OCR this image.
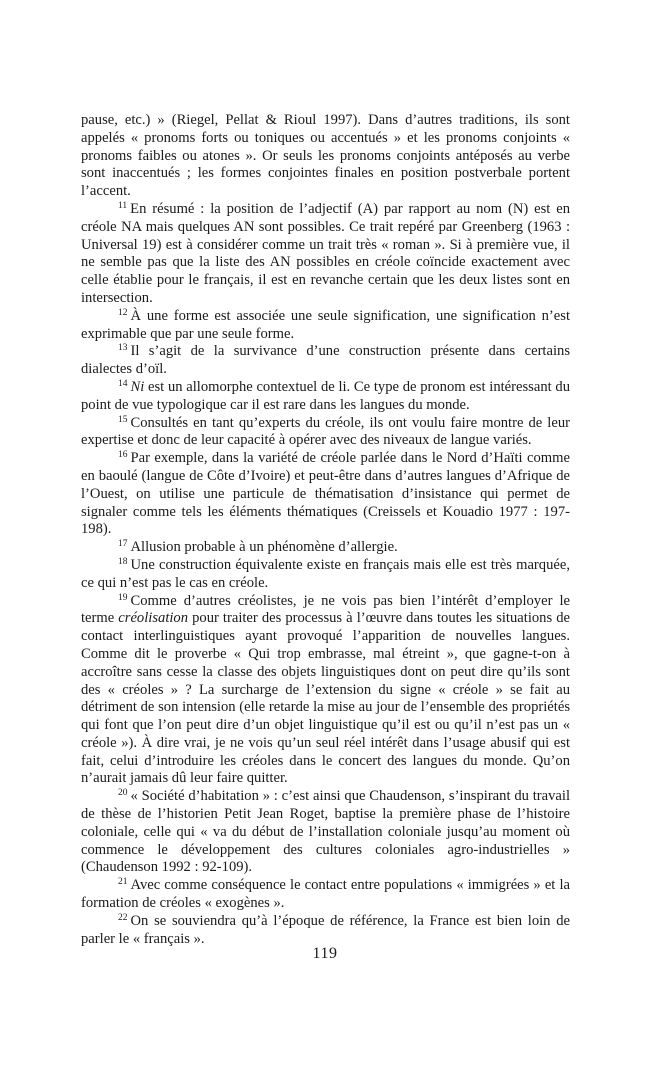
pause, etc.) » (Riegel, Pellat & Rioul 1997). Dans d’autres traditions, ils sont appelés « pronoms forts ou toniques ou accentués » et les pronoms conjoints « pronoms faibles ou atones ». Or seuls les pronoms conjoints antéposés au verbe sont inaccentués ; les formes conjointes finales en position postverbale portent l’accent.

$^{11}$ En résumé : la position de l’adjectif (A) par rapport au nom (N) est en créole NA mais quelques AN sont possibles. Ce trait repéré par Greenberg (1963 : Universal 19) est à considérer comme un trait très « roman ». Si à première vue, il ne semble pas que la liste des AN possibles en créole coïncide exactement avec celle établie pour le français, il est en revanche certain que les deux listes sont en intersection.

$^{12}$ À une forme est associée une seule signification, une signification n’est exprimable que par une seule forme.

$^{13}$ Il s’agit de la survivance d’une construction présente dans certains dialectes d’oïl.

$^{14}$ Ni est un allomorphe contextuel de li. Ce type de pronom est intéressant du point de vue typologique car il est rare dans les langues du monde.

$^{15}$ Consultés en tant qu’experts du créole, ils ont voulu faire montre de leur expertise et donc de leur capacité à opérer avec des niveaux de langue variés.

$^{16}$ Par exemple, dans la variété de créole parlée dans le Nord d’Haïti comme en baoulé (langue de Côte d’Ivoire) et peut-être dans d’autres langues d’Afrique de l’Ouest, on utilise une particule de thématisation d’insistance qui permet de signaler comme tels les éléments thématiques (Creissels et Kouadio 1977 : 197-198).

$^{17}$ Allusion probable à un phénomène d’allergie.

$^{18}$ Une construction équivalente existe en français mais elle est très marquée, ce qui n’est pas le cas en créole.

$^{19}$ Comme d’autres créolistes, je ne vois pas bien l’intérêt d’employer le terme créolisation pour traiter des processus à l’œuvre dans toutes les situations de contact interlinguistiques ayant provoqué l’apparition de nouvelles langues. Comme dit le proverbe « Qui trop embrasse, mal étreint », que gagne-t-on à accroître sans cesse la classe des objets linguistiques dont on peut dire qu’ils sont des « créoles » ? La surcharge de l’extension du signe « créole » se fait au détriment de son intension (elle retarde la mise au jour de l’ensemble des propriétés qui font que l’on peut dire d’un objet linguistique qu’il est ou qu’il n’est pas un « créole »). À dire vrai, je ne vois qu’un seul réel intérêt dans l’usage abusif qui est fait, celui d’introduire les créoles dans le concert des langues du monde. Qu’on n’aurait jamais dû leur faire quitter.

$^{20}$ « Société d’habitation » : c’est ainsi que Chaudenson, s’inspirant du travail de thèse de l’historien Petit Jean Roget, baptise la première phase de l’histoire coloniale, celle qui « va du début de l’installation coloniale jusqu’au moment où commence le développement des cultures coloniales agro-industrielles » (Chaudenson 1992 : 92-109).

$^{21}$ Avec comme conséquence le contact entre populations « immigrées » et la formation de créoles « exogènes ».

$^{22}$ On se souviendra qu’à l’époque de référence, la France est bien loin de parler le « français ».

119
